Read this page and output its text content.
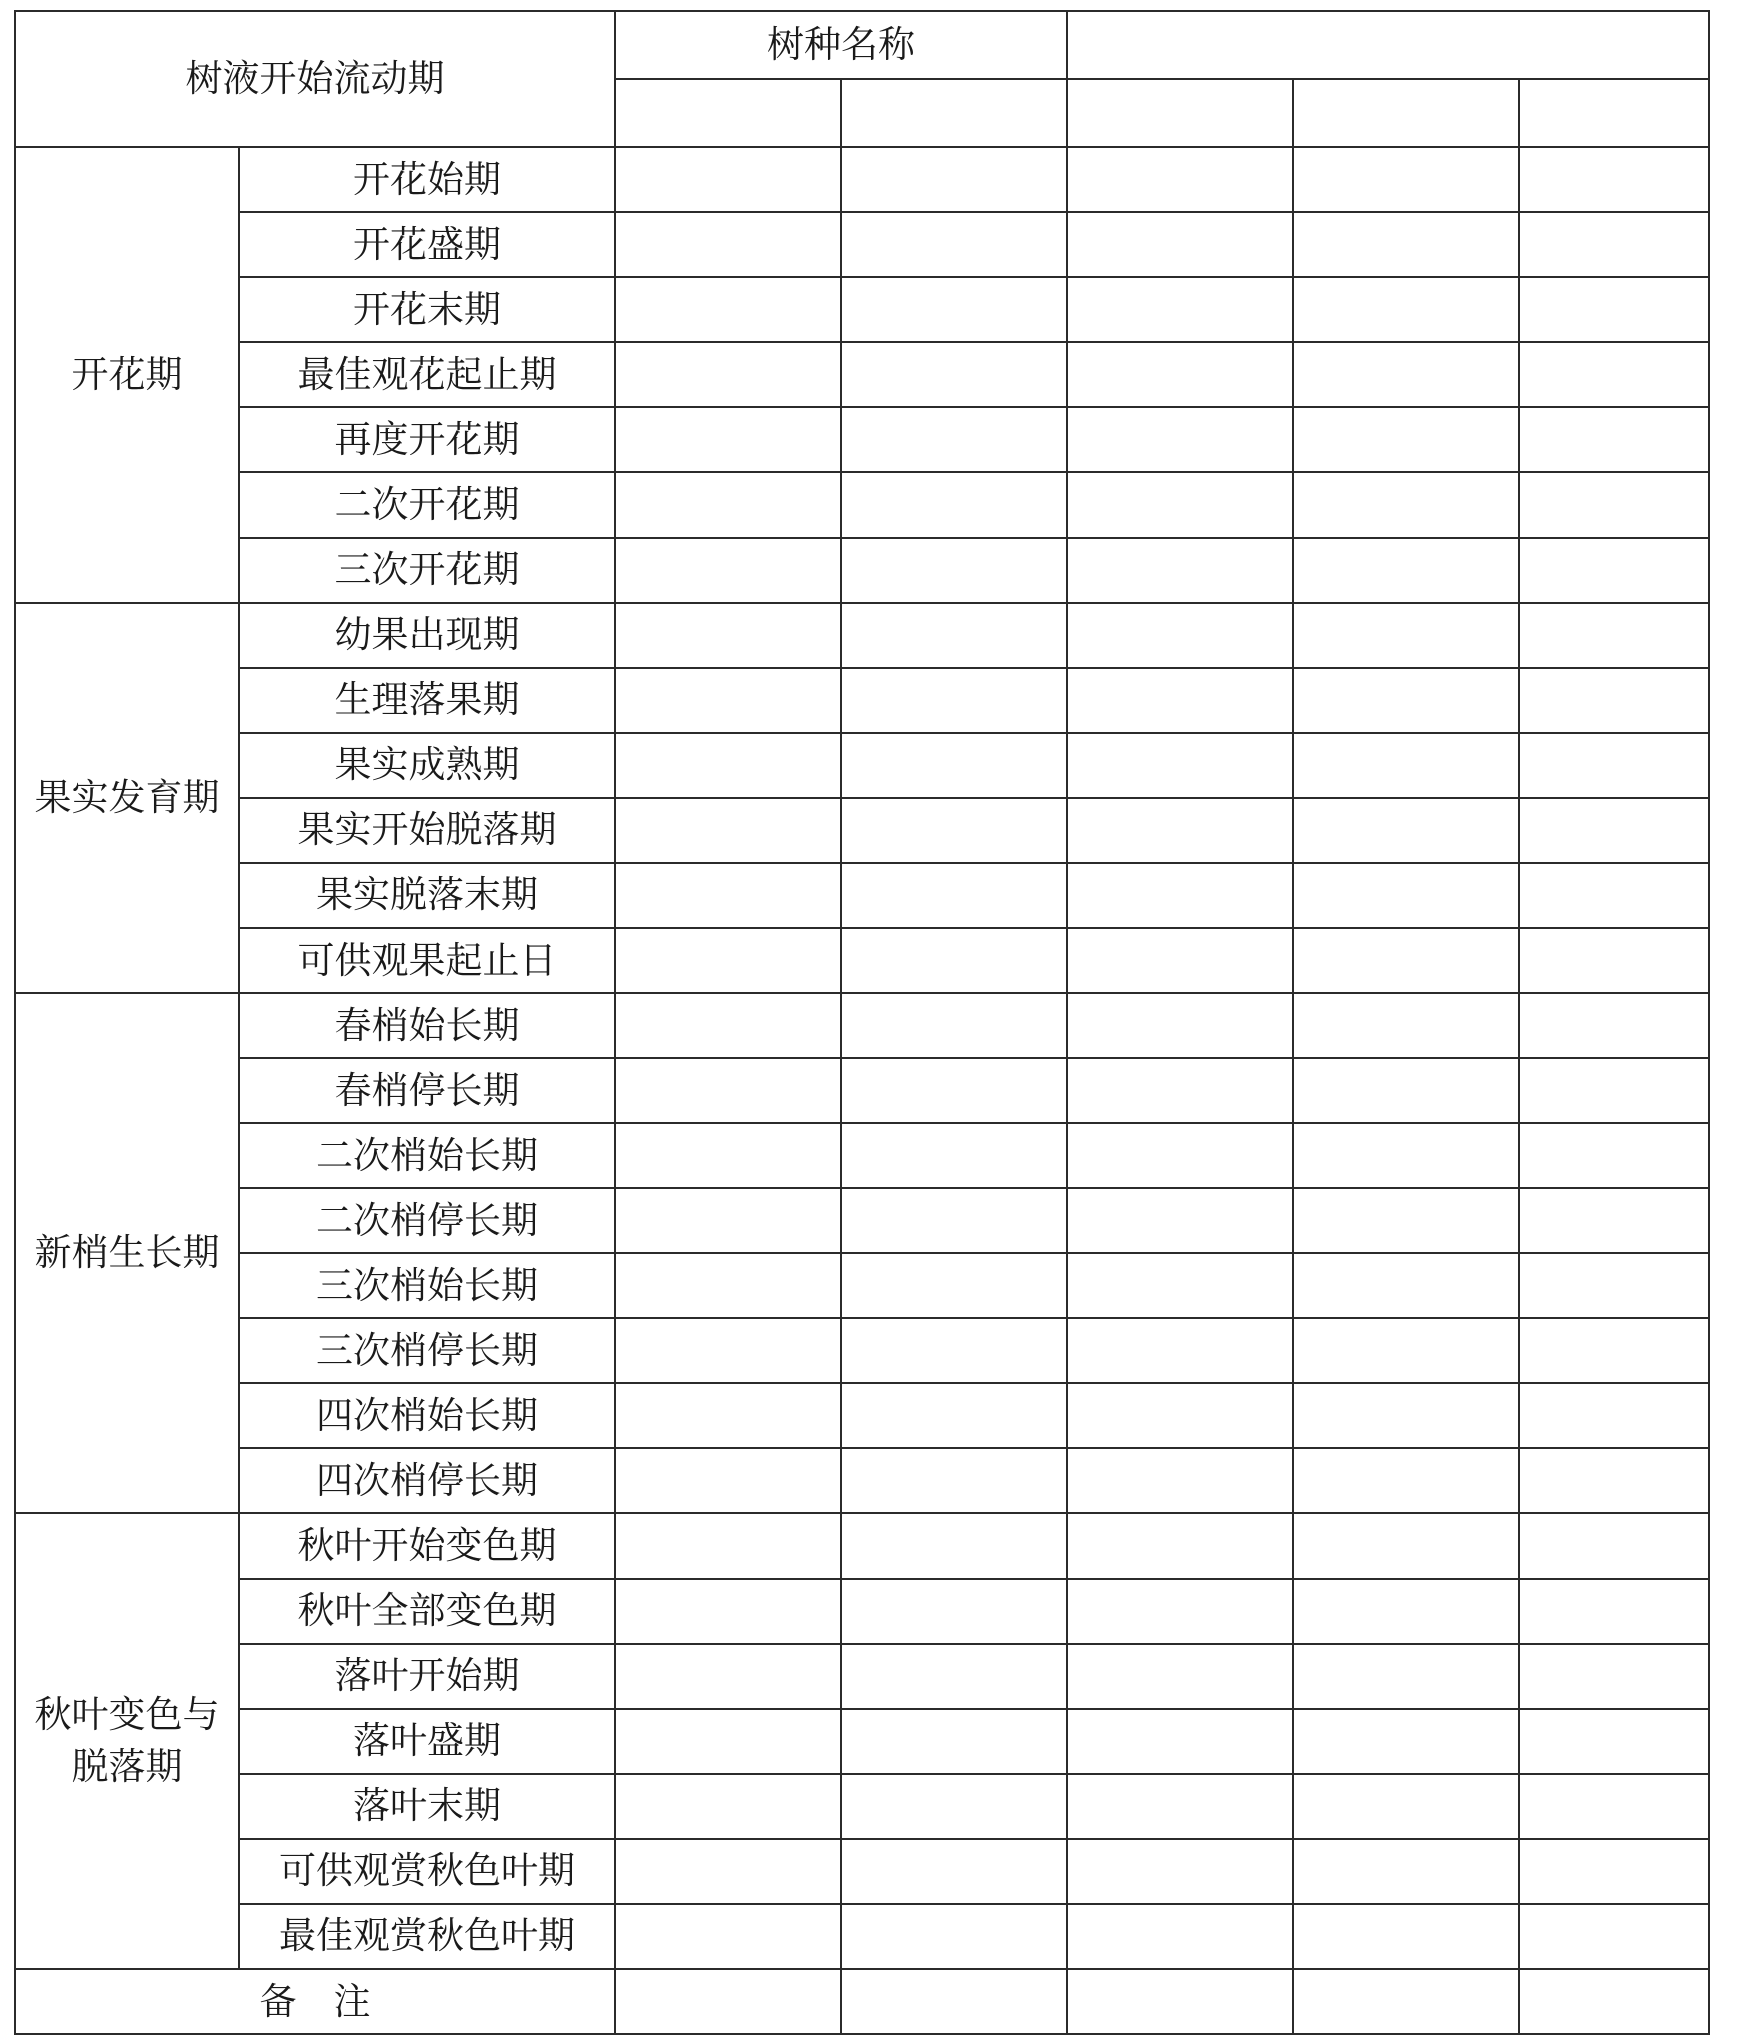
树液开始流动期		树种名称				

开花期	开花始期					
	开花盛期					
	开花末期					
	最佳观花起止期					
	再度开花期					
	二次开花期					
	三次开花期					
果实发育期	幼果出现期					
	生理落果期					
	果实成熟期					
	果实开始脱落期					
	果实脱落末期					
	可供观果起止日					
新梢生长期	春梢始长期					
	春梢停长期					
	二次梢始长期					
	二次梢停长期					
	三次梢始长期					
	三次梢停长期					
	四次梢始长期					
	四次梢停长期					
秋叶变色与
脱落期	秋叶开始变色期					
	秋叶全部变色期					
	落叶开始期					
	落叶盛期					
	落叶末期					
	可供观赏秋色叶期					
	最佳观赏秋色叶期					
备　注						
